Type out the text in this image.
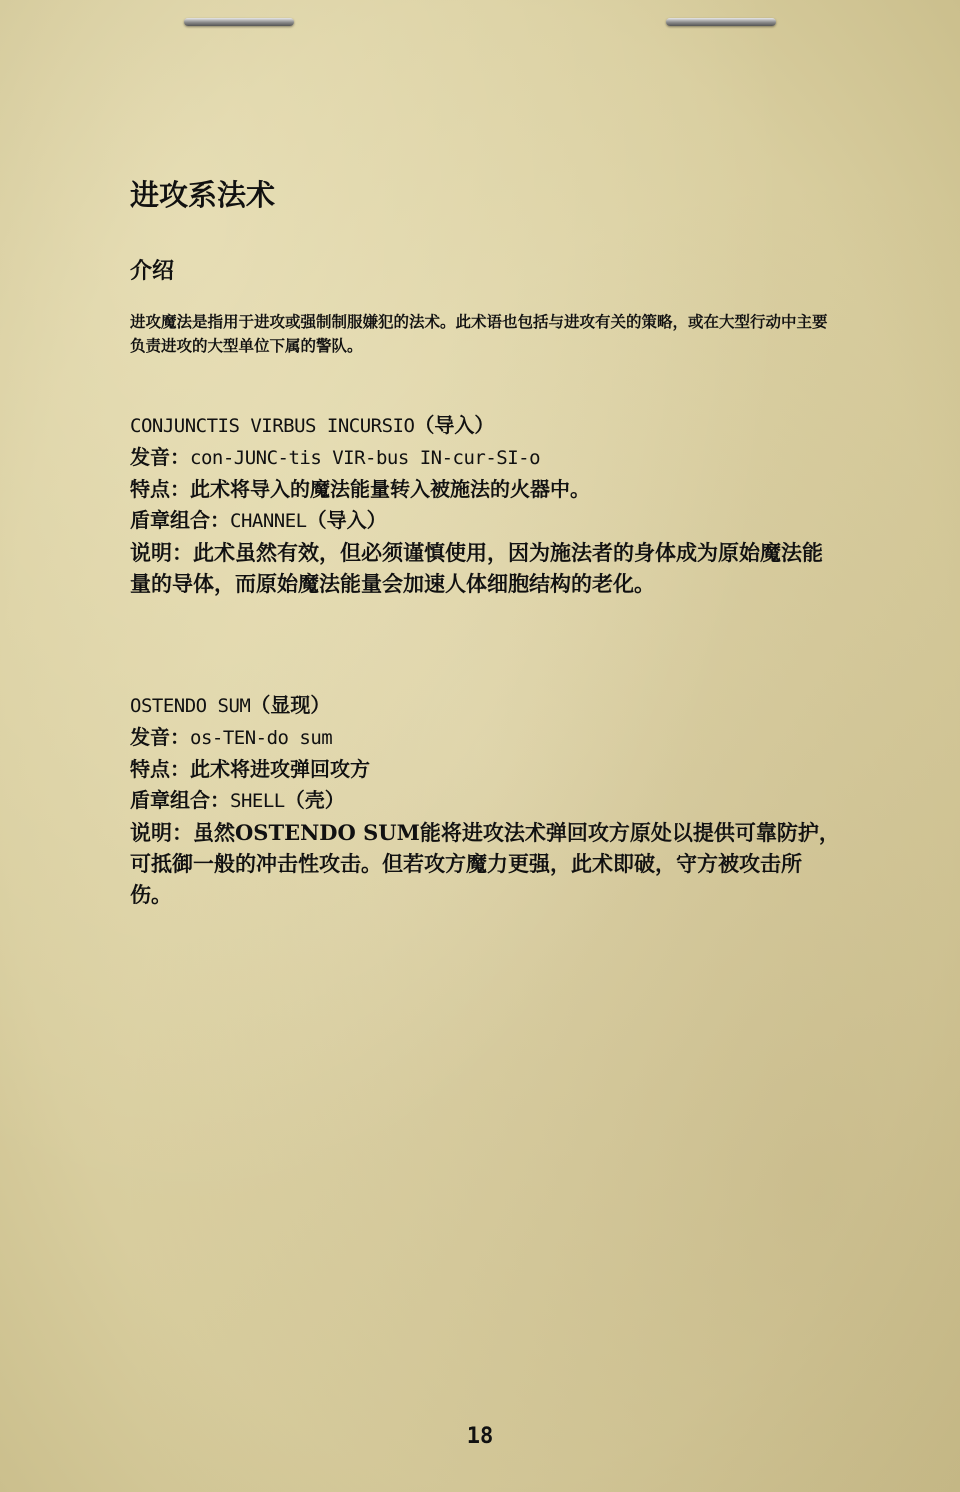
进攻系法术
介绍

进攻魔法是指用于进攻或强制制服嫌犯的法术。此术语也包括与进攻有关的策略，或在大型行动中主要负责进攻的大型单位下属的警队。

CONJUNCTIS VIRBUS INCURSIO（导入）

发音：con-JUNC-tis VIR-bus IN-cur-SI-o

特点：此术将导入的魔法能量转入被施法的火器中。

盾章组合：CHANNEL（导入）

说明：此术虽然有效，但必须谨慎使用，因为施法者的身体成为原始魔法能量的导体，而原始魔法能量会加速人体细胞结构的老化。

OSTENDO SUM（显现）

发音：os-TEN-do sum

特点：此术将进攻弹回攻方

盾章组合：SHELL（壳）

说明：虽然OSTENDO SUM能将进攻法术弹回攻方原处以提供可靠防护，可抵御一般的冲击性攻击。但若攻方魔力更强，此术即破，守方被攻击所伤。

18
